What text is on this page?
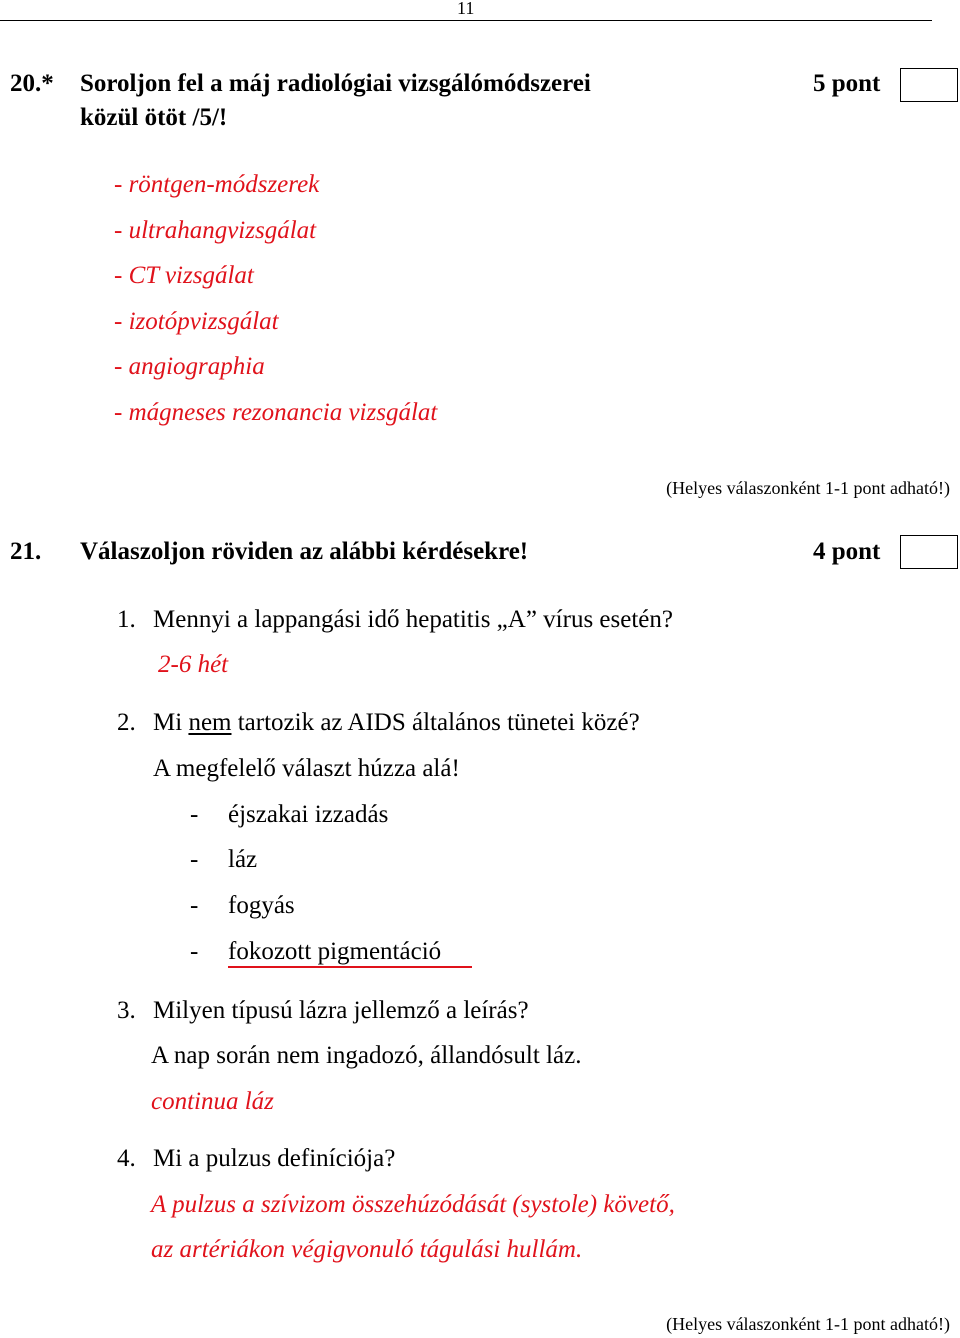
11
20.* Soroljon fel a máj radiológiai vizsgálómódszerei
közül ötöt /5/!
5 pont
- röntgen-módszerek
- ultrahangvizsgálat
- CT vizsgálat
- izotópvizsgálat
- angiographia
- mágneses rezonancia vizsgálat
(Helyes válaszonként 1-1 pont adható!)
21. Válaszoljon röviden az alábbi kérdésekre!	4 pont
1. Mennyi a lappangási idő hepatitis „A” vírus esetén?
2-6 hét
2. Mi nem tartozik az AIDS általános tünetei közé?
A megfelelő választ húzza alá!
- éjszakai izzadás
- láz
- fogyás
- fokozott pigmentáció
3. Milyen típusú lázra jellemző a leírás?
A nap során nem ingadozó, állandósult láz.
continua láz
4. Mi a pulzus definíciója?
A pulzus a szívizom összehúzódását (systole) követő,
az artériákon végigvonuló tágulási hullám.
(Helyes válaszonként 1-1 pont adható!)
